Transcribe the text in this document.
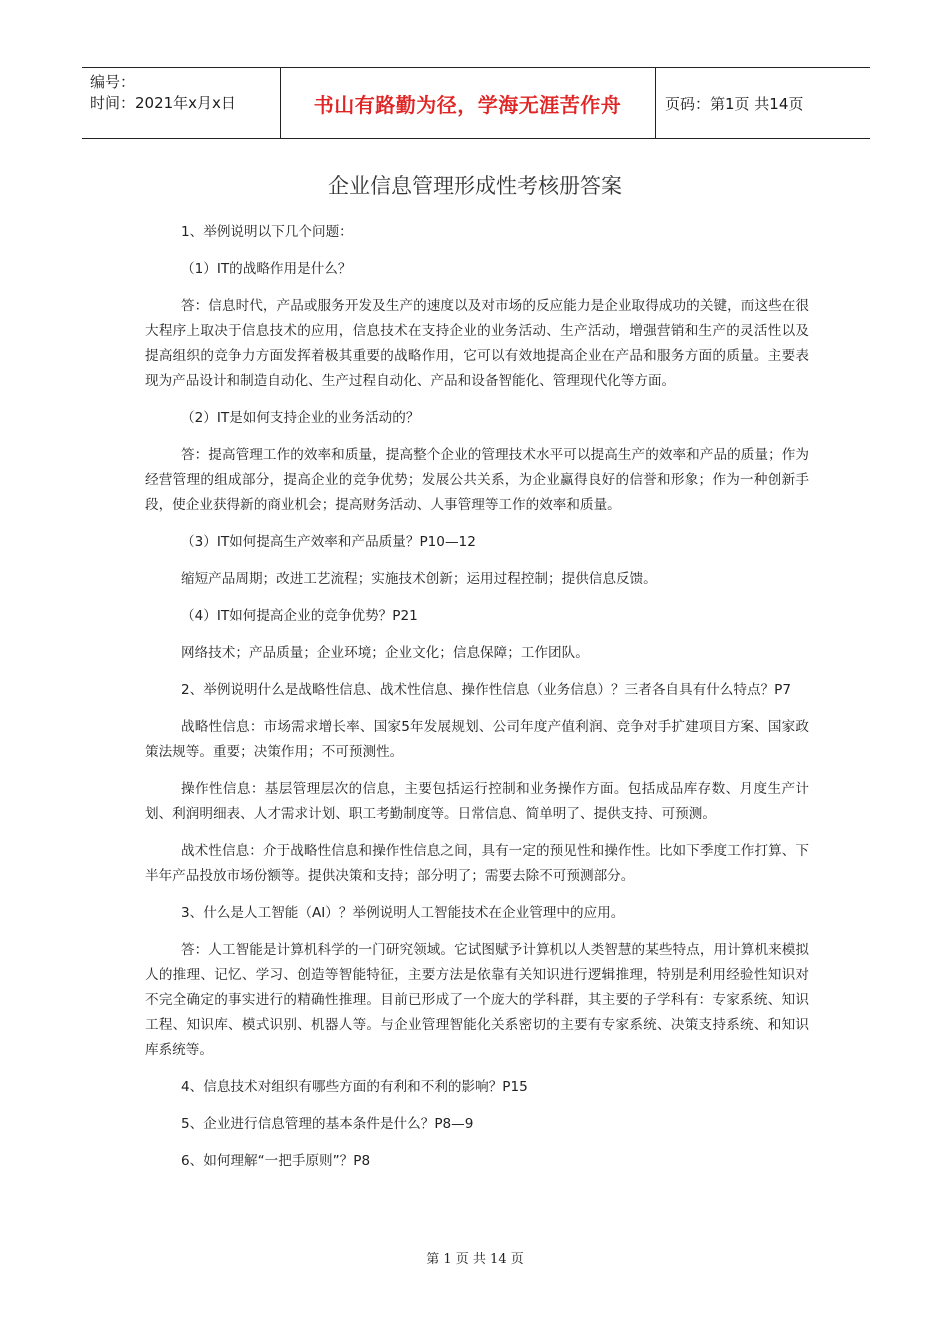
编号：
时间：2021年x月x日	书山有路勤为径，学海无涯苦作舟	页码：第1页 共14页
企业信息管理形成性考核册答案

1、举例说明以下几个问题：

（1）IT的战略作用是什么？

答：信息时代，产品或服务开发及生产的速度以及对市场的反应能力是企业取得成功的关键，而这些在很大程序上取决于信息技术的应用，信息技术在支持企业的业务活动、生产活动，增强营销和生产的灵活性以及提高组织的竞争力方面发挥着极其重要的战略作用，它可以有效地提高企业在产品和服务方面的质量。主要表现为产品设计和制造自动化、生产过程自动化、产品和设备智能化、管理现代化等方面。

（2）IT是如何支持企业的业务活动的？

答：提高管理工作的效率和质量，提高整个企业的管理技术水平可以提高生产的效率和产品的质量；作为经营管理的组成部分，提高企业的竞争优势；发展公共关系，为企业赢得良好的信誉和形象；作为一种创新手段，使企业获得新的商业机会；提高财务活动、人事管理等工作的效率和质量。

（3）IT如何提高生产效率和产品质量？P10—12

缩短产品周期；改进工艺流程；实施技术创新；运用过程控制；提供信息反馈。

（4）IT如何提高企业的竞争优势？P21

网络技术；产品质量；企业环境；企业文化；信息保障；工作团队。

2、举例说明什么是战略性信息、战术性信息、操作性信息（业务信息）？三者各自具有什么特点？P7

战略性信息：市场需求增长率、国家5年发展规划、公司年度产值利润、竞争对手扩建项目方案、国家政策法规等。重要；决策作用；不可预测性。

操作性信息：基层管理层次的信息，主要包括运行控制和业务操作方面。包括成品库存数、月度生产计划、利润明细表、人才需求计划、职工考勤制度等。日常信息、简单明了、提供支持、可预测。

战术性信息：介于战略性信息和操作性信息之间，具有一定的预见性和操作性。比如下季度工作打算、下半年产品投放市场份额等。提供决策和支持；部分明了；需要去除不可预测部分。

3、什么是人工智能（AI）？举例说明人工智能技术在企业管理中的应用。

答：人工智能是计算机科学的一门研究领域。它试图赋予计算机以人类智慧的某些特点，用计算机来模拟人的推理、记忆、学习、创造等智能特征，主要方法是依靠有关知识进行逻辑推理，特别是利用经验性知识对不完全确定的事实进行的精确性推理。目前已形成了一个庞大的学科群，其主要的子学科有：专家系统、知识工程、知识库、模式识别、机器人等。与企业管理智能化关系密切的主要有专家系统、决策支持系统、和知识库系统等。

4、信息技术对组织有哪些方面的有利和不利的影响？P15

5、企业进行信息管理的基本条件是什么？P8—9

6、如何理解“一把手原则”？P8

第 1 页 共 14 页
